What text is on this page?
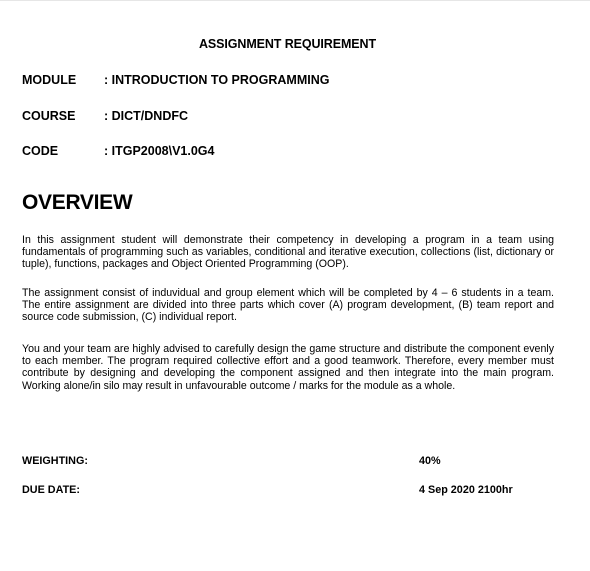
ASSIGNMENT REQUIREMENT
MODULE : INTRODUCTION TO PROGRAMMING
COURSE : DICT/DNDFC
CODE	: ITGP2008\V1.0G4
OVERVIEW
In this assignment student will demonstrate their competency in developing a program in a team using fundamentals of programming such as variables, conditional and iterative execution, collections (list, dictionary or tuple), functions, packages and Object Oriented Programming (OOP).
The assignment consist of induvidual and group element which will be completed by 4 – 6 students in a team. The entire assignment are divided into three parts which cover (A) program development, (B) team report and source code submission, (C) individual report.
You and your team are highly advised to carefully design the game structure and distribute the component evenly to each member. The program required collective effort and a good teamwork. Therefore, every member must contribute by designing and developing the component assigned and then integrate into the main program. Working alone/in silo may result in unfavourable outcome / marks for the module as a whole.
WEIGHTING:	40%
DUE DATE:	4 Sep 2020 2100hr
